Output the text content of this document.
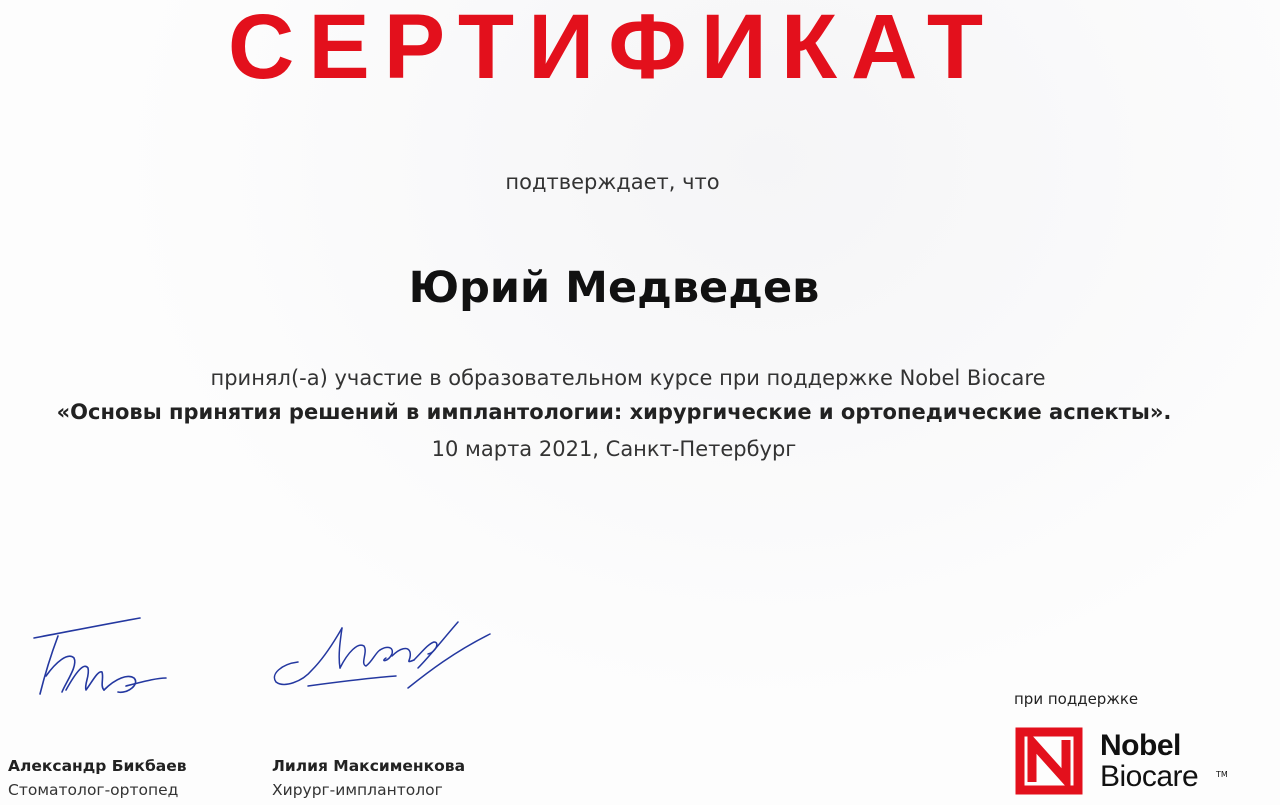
СЕРТИФИКАТ
подтверждает, что
Юрий Медведев
принял(-а) участие в образовательном курсе при поддержке Nobel Biocare
«Основы принятия решений в имплантологии: хирургические и ортопедические аспекты».
10 марта 2021, Санкт-Петербург
Александр Бикбаев
Стоматолог-ортопед
Лилия Максименкова
Хирург-имплантолог
при поддержке
Nobel
Biocare TM
